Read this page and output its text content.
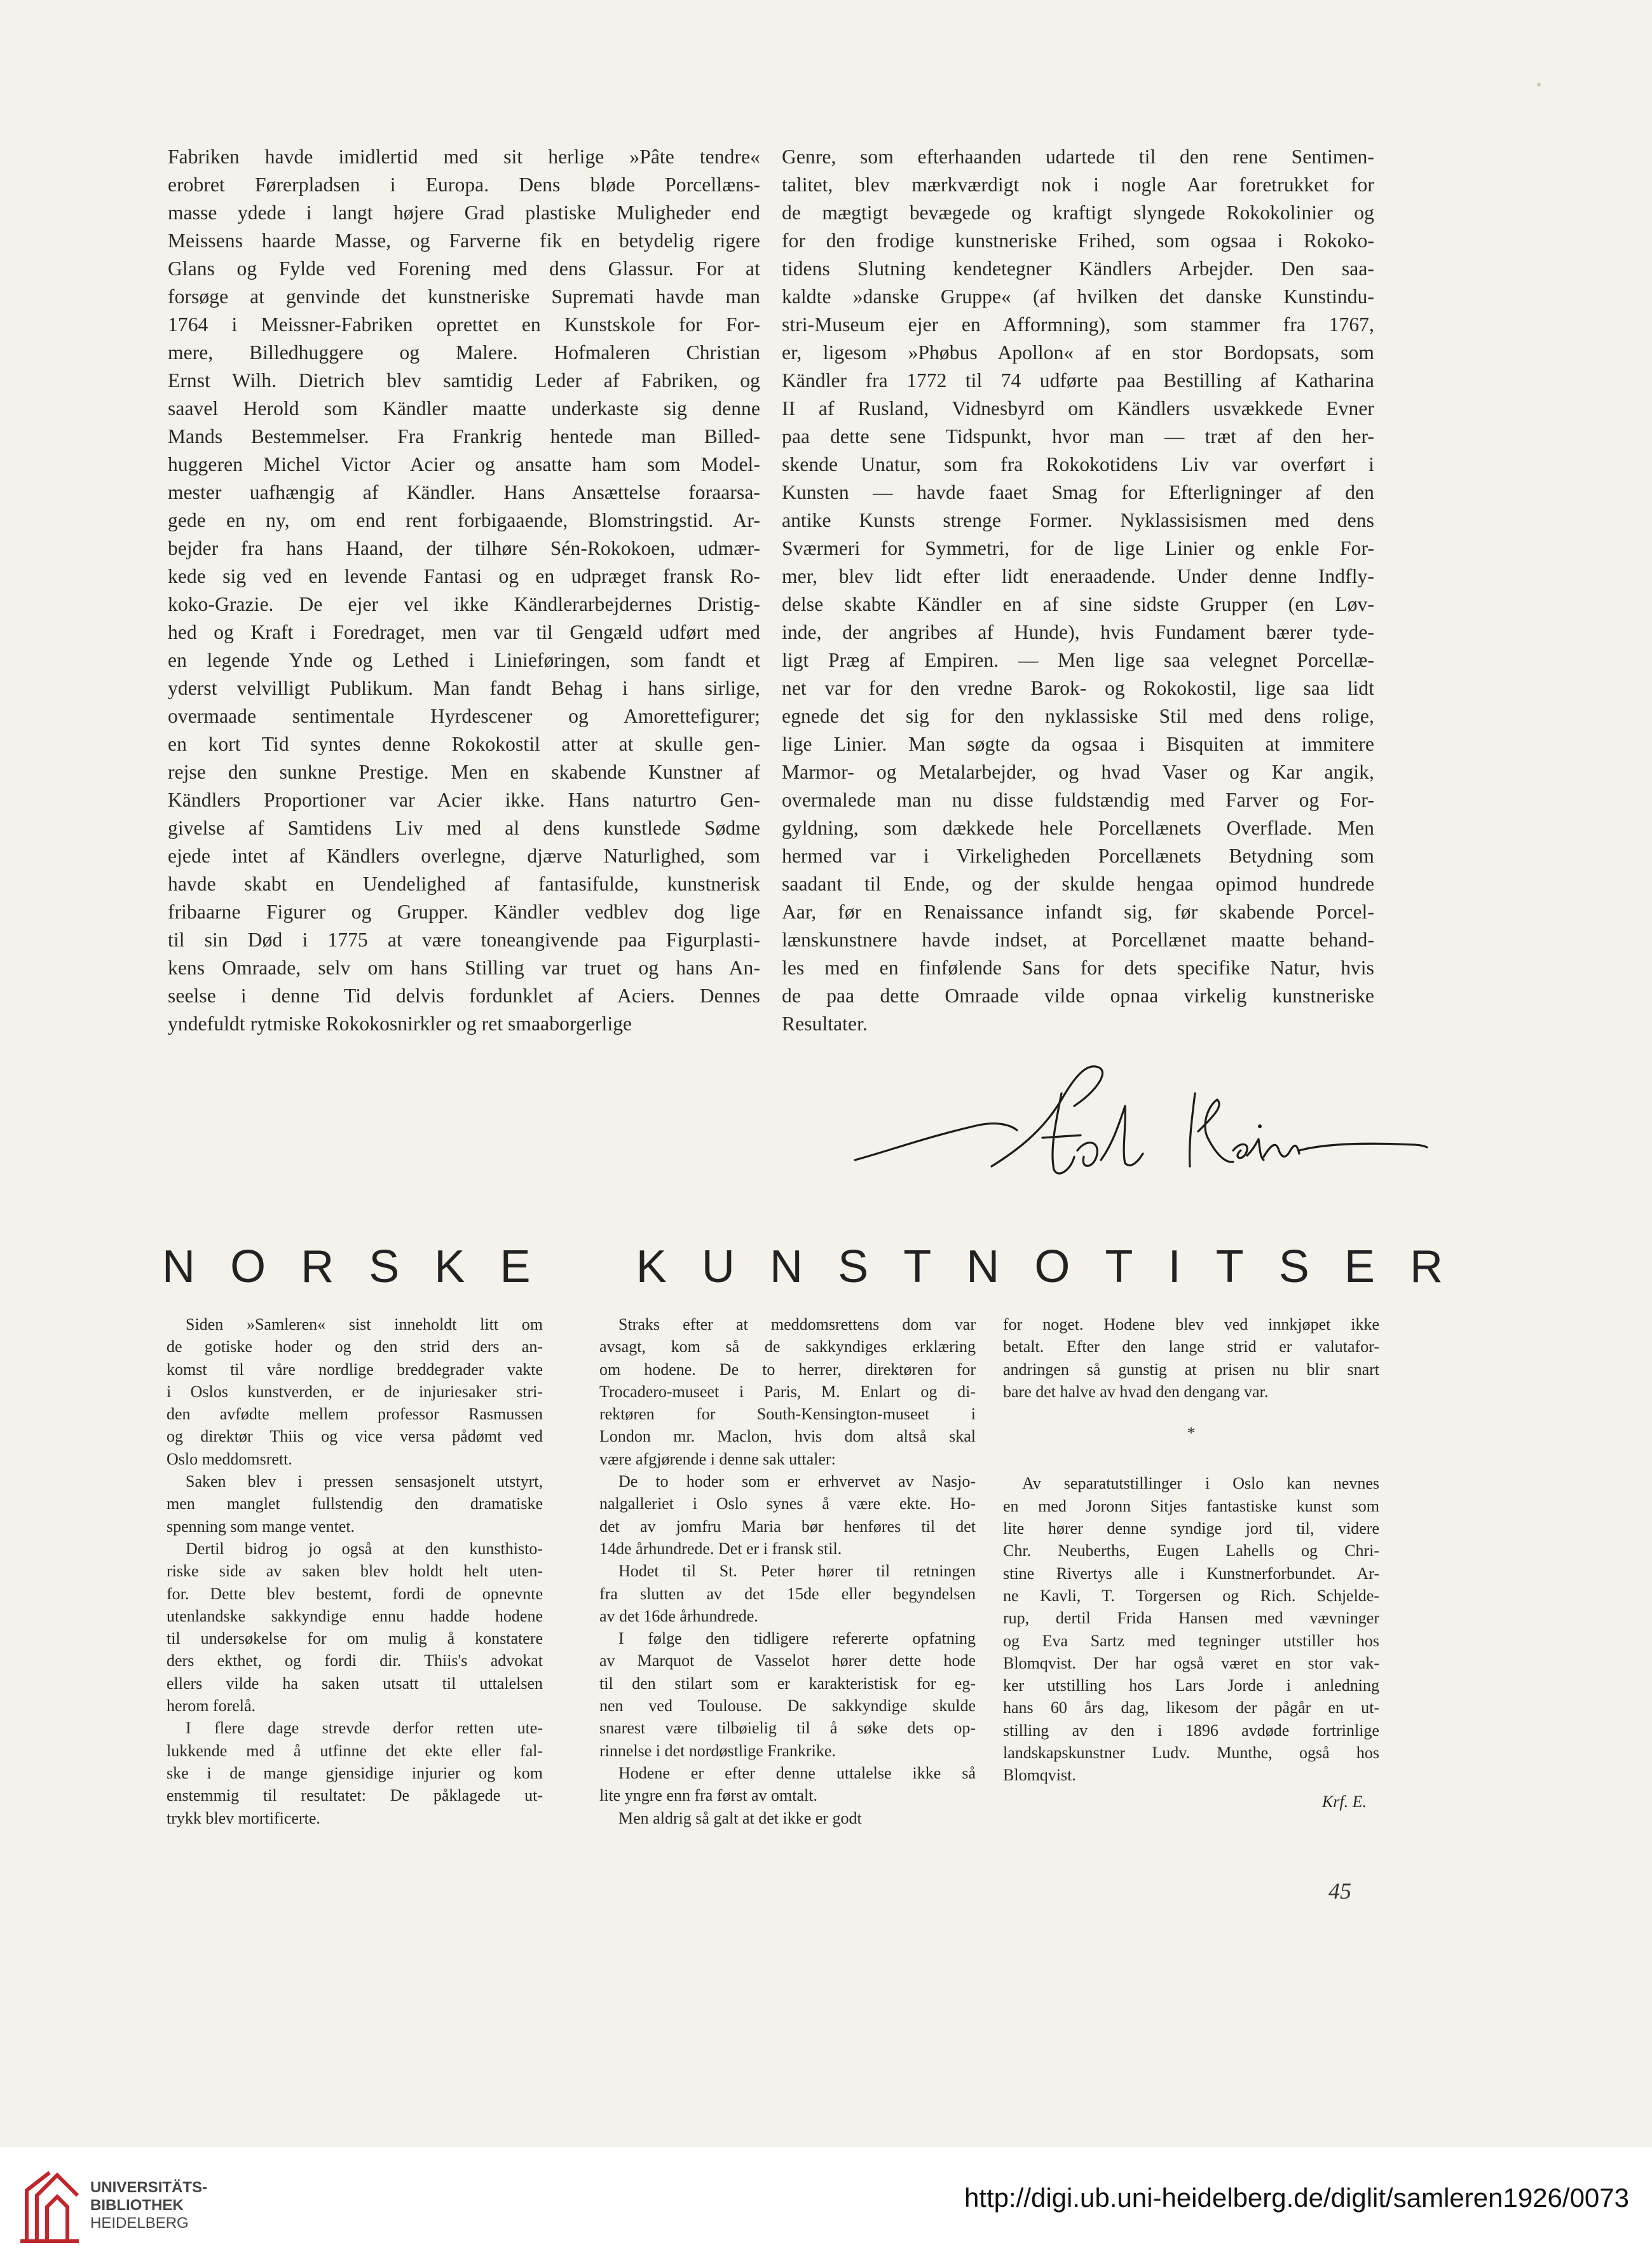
Fabriken havde imidlertid med sit herlige »Pâte tendre«
erobret Førerpladsen i Europa. Dens bløde Porcellæns-
masse ydede i langt højere Grad plastiske Muligheder end
Meissens haarde Masse, og Farverne fik en betydelig rigere
Glans og Fylde ved Forening med dens Glassur. For at
forsøge at genvinde det kunstneriske Supremati havde man
1764 i Meissner-Fabriken oprettet en Kunstskole for For-
mere, Billedhuggere og Malere. Hofmaleren Christian
Ernst Wilh. Dietrich blev samtidig Leder af Fabriken, og
saavel Herold som Kändler maatte underkaste sig denne
Mands Bestemmelser. Fra Frankrig hentede man Billed-
huggeren Michel Victor Acier og ansatte ham som Model-
mester uafhængig af Kändler. Hans Ansættelse foraarsa-
gede en ny, om end rent forbigaaende, Blomstringstid. Ar-
bejder fra hans Haand, der tilhøre Sén-Rokokoen, udmær-
kede sig ved en levende Fantasi og en udpræget fransk Ro-
koko-Grazie. De ejer vel ikke Kändlerarbejdernes Dristig-
hed og Kraft i Foredraget, men var til Gengæld udført med
en legende Ynde og Lethed i Linieføringen, som fandt et
yderst velvilligt Publikum. Man fandt Behag i hans sirlige,
overmaade sentimentale Hyrdescener og Amorettefigurer;
en kort Tid syntes denne Rokokostil atter at skulle gen-
rejse den sunkne Prestige. Men en skabende Kunstner af
Kändlers Proportioner var Acier ikke. Hans naturtro Gen-
givelse af Samtidens Liv med al dens kunstlede Sødme
ejede intet af Kändlers overlegne, djærve Naturlighed, som
havde skabt en Uendelighed af fantasifulde, kunstnerisk
fribaarne Figurer og Grupper. Kändler vedblev dog lige
til sin Død i 1775 at være toneangivende paa Figurplasti-
kens Omraade, selv om hans Stilling var truet og hans An-
seelse i denne Tid delvis fordunklet af Aciers. Dennes
yndefuldt rytmiske Rokokosnirkler og ret smaaborgerlige

Genre, som efterhaanden udartede til den rene Sentimen-
talitet, blev mærkværdigt nok i nogle Aar foretrukket for
de mægtigt bevægede og kraftigt slyngede Rokokolinier og
for den frodige kunstneriske Frihed, som ogsaa i Rokoko-
tidens Slutning kendetegner Kändlers Arbejder. Den saa-
kaldte »danske Gruppe« (af hvilken det danske Kunstindu-
stri-Museum ejer en Afformning), som stammer fra 1767,
er, ligesom »Phøbus Apollon« af en stor Bordopsats, som
Kändler fra 1772 til 74 udførte paa Bestilling af Katharina
II af Rusland, Vidnesbyrd om Kändlers usvækkede Evner
paa dette sene Tidspunkt, hvor man — træt af den her-
skende Unatur, som fra Rokokotidens Liv var overført i
Kunsten — havde faaet Smag for Efterligninger af den
antike Kunsts strenge Former. Nyklassisismen med dens
Sværmeri for Symmetri, for de lige Linier og enkle For-
mer, blev lidt efter lidt eneraadende. Under denne Indfly-
delse skabte Kändler en af sine sidste Grupper (en Løv-
inde, der angribes af Hunde), hvis Fundament bærer tyde-
ligt Præg af Empiren. — Men lige saa velegnet Porcellæ-
net var for den vredne Barok- og Rokokostil, lige saa lidt
egnede det sig for den nyklassiske Stil med dens rolige,
lige Linier. Man søgte da ogsaa i Bisquiten at immitere
Marmor- og Metalarbejder, og hvad Vaser og Kar angik,
overmalede man nu disse fuldstændig med Farver og For-
gyldning, som dækkede hele Porcellænets Overflade. Men
hermed var i Virkeligheden Porcellænets Betydning som
saadant til Ende, og der skulde hengaa opimod hundrede
Aar, før en Renaissance infandt sig, før skabende Porcel-
lænskunstnere havde indset, at Porcellænet maatte behand-
les med en finfølende Sans for dets specifike Natur, hvis
de paa dette Omraade vilde opnaa virkelig kunstneriske
Resultater.

N O R S K E K U N S T N O T I T S E R

Siden »Samleren« sist inneholdt litt om
de gotiske hoder og den strid ders an-
komst til våre nordlige breddegrader vakte
i Oslos kunstverden, er de injuriesaker stri-
den avfødte mellem professor Rasmussen
og direktør Thiis og vice versa pådømt ved
Oslo meddomsrett.

Saken blev i pressen sensasjonelt utstyrt,
men manglet fullstendig den dramatiske
spenning som mange ventet.

Dertil bidrog jo også at den kunsthisto-
riske side av saken blev holdt helt uten-
for. Dette blev bestemt, fordi de opnevnte
utenlandske sakkyndige ennu hadde hodene
til undersøkelse for om mulig å konstatere
ders ekthet, og fordi dir. Thiis's advokat
ellers vilde ha saken utsatt til uttalelsen
herom forelå.

I flere dage strevde derfor retten ute-
lukkende med å utfinne det ekte eller fal-
ske i de mange gjensidige injurier og kom
enstemmig til resultatet: De påklagede ut-
trykk blev mortificerte.

Straks efter at meddomsrettens dom var
avsagt, kom så de sakkyndiges erklæring
om hodene. De to herrer, direktøren for
Trocadero-museet i Paris, M. Enlart og di-
rektøren for South-Kensington-museet i
London mr. Maclon, hvis dom altså skal
være afgjørende i denne sak uttaler:

De to hoder som er erhvervet av Nasjo-
nalgalleriet i Oslo synes å være ekte. Ho-
det av jomfru Maria bør henføres til det
14de århundrede. Det er i fransk stil.

Hodet til St. Peter hører til retningen
fra slutten av det 15de eller begyndelsen
av det 16de århundrede.

I følge den tidligere refererte opfatning
av Marquot de Vasselot hører dette hode
til den stilart som er karakteristisk for eg-
nen ved Toulouse. De sakkyndige skulde
snarest være tilbøielig til å søke dets op-
rinnelse i det nordøstlige Frankrike.

Hodene er efter denne uttalelse ikke så
lite yngre enn fra først av omtalt.

Men aldrig så galt at det ikke er godt

for noget. Hodene blev ved innkjøpet ikke
betalt. Efter den lange strid er valutafor-
andringen så gunstig at prisen nu blir snart
bare det halve av hvad den dengang var.

*

Av separatutstillinger i Oslo kan nevnes
en med Joronn Sitjes fantastiske kunst som
lite hører denne syndige jord til, videre
Chr. Neuberths, Eugen Lahells og Chri-
stine Rivertys alle i Kunstnerforbundet. Ar-
ne Kavli, T. Torgersen og Rich. Schjelde-
rup, dertil Frida Hansen med vævninger
og Eva Sartz med tegninger utstiller hos
Blomqvist. Der har også været en stor vak-
ker utstilling hos Lars Jorde i anledning
hans 60 års dag, likesom der pågår en ut-
stilling av den i 1896 avdøde fortrinlige
landskapskunstner Ludv. Munthe, også hos
Blomqvist.

Krf. E.

45

UNIVERSITÄTS-
BIBLIOTHEK
HEIDELBERG
http://digi.ub.uni-heidelberg.de/diglit/samleren1926/0073
